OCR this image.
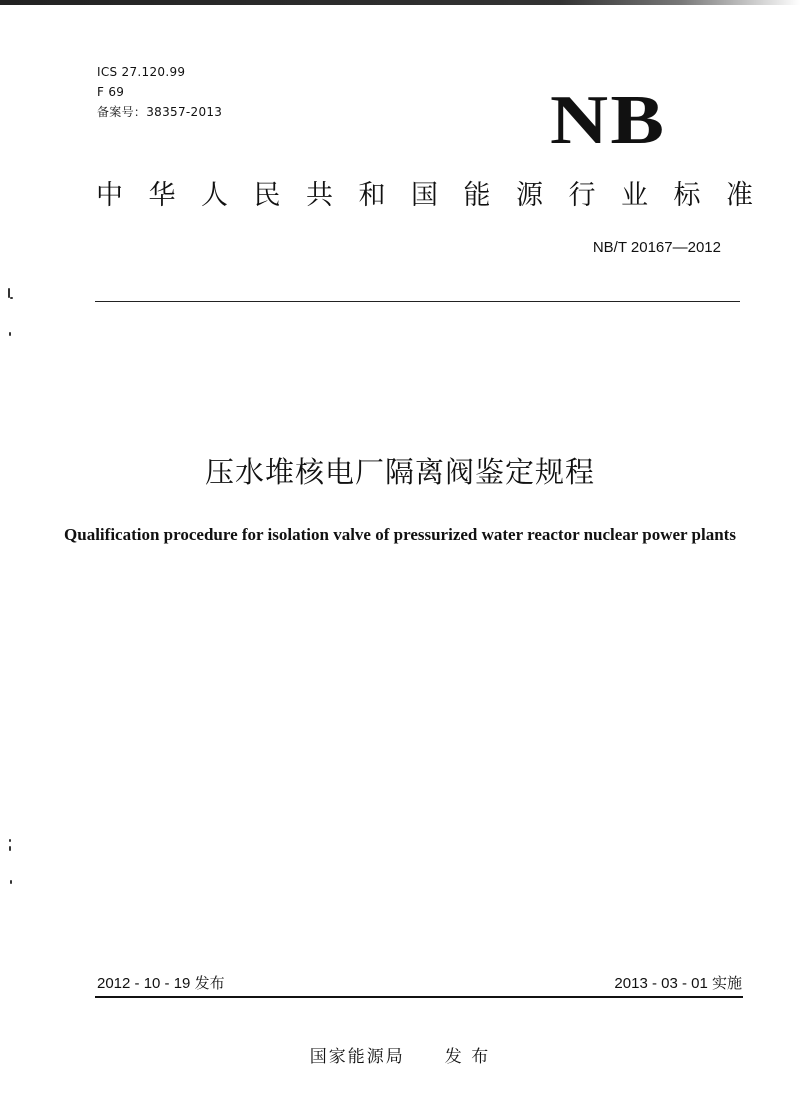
ICS 27.120.99
F 69
备案号：38357-2013	NB
中华人民共和国能源行业标准
NB/T 20167—2012
压水堆核电厂隔离阀鉴定规程
Qualification procedure for isolation valve of pressurized water reactor nuclear power plants
2012 - 10 - 19 发布	2013 - 03 - 01 实施
国家能源局 发 布
